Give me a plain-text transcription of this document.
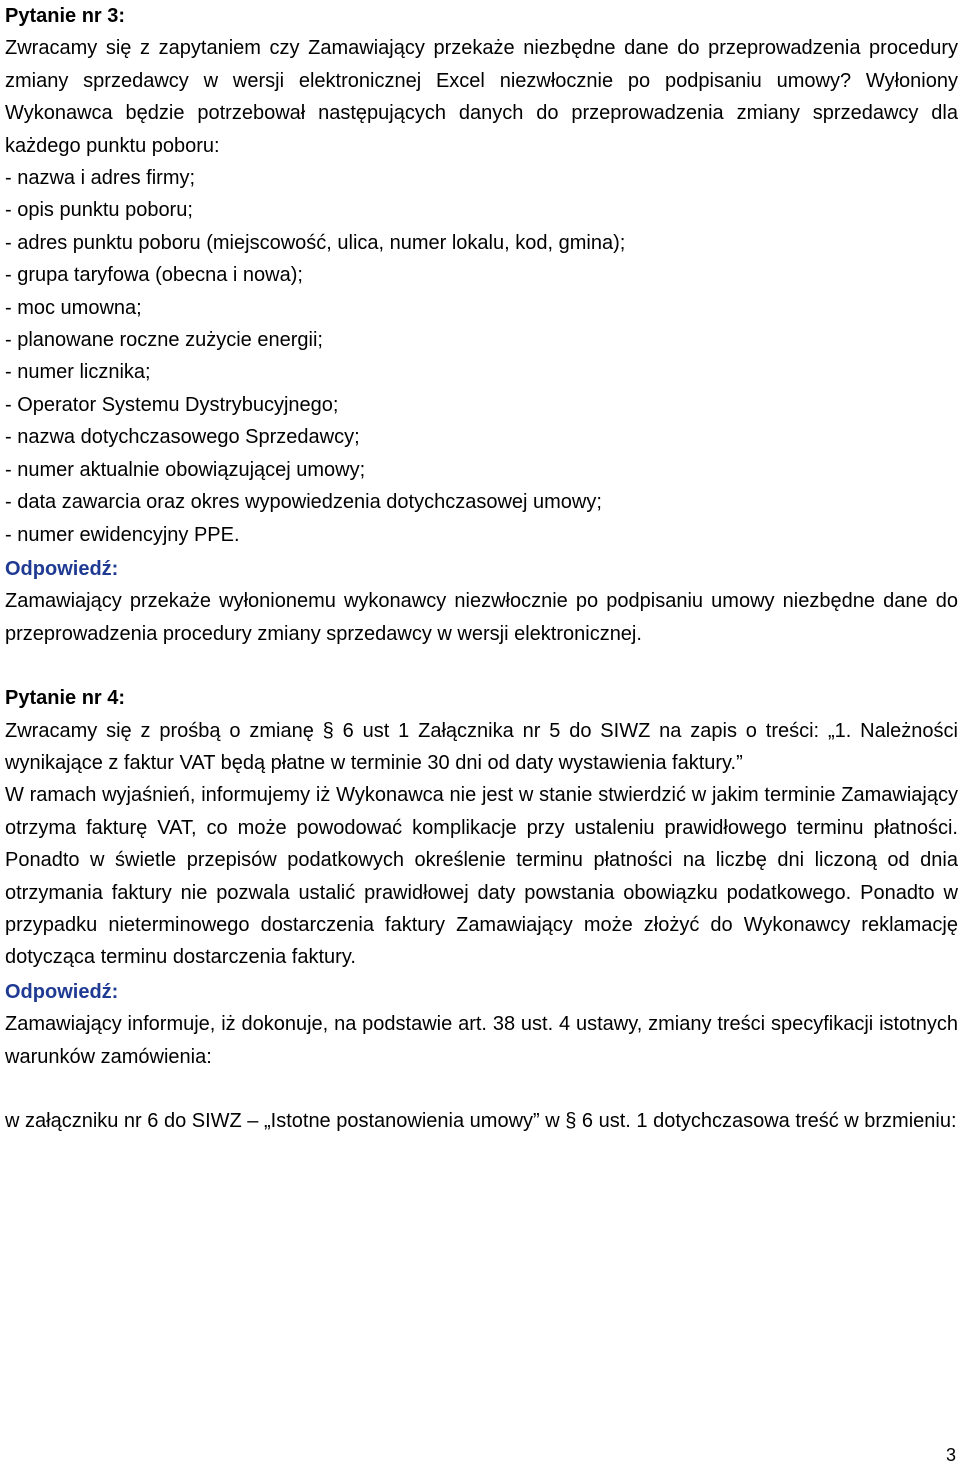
Pytanie nr 3:

Zwracamy się z zapytaniem czy Zamawiający przekaże niezbędne dane do przeprowadzenia procedury zmiany sprzedawcy w wersji elektronicznej Excel niezwłocznie po podpisaniu umowy? Wyłoniony Wykonawca będzie potrzebował następujących danych do przeprowadzenia zmiany sprzedawcy dla każdego punktu poboru:

- nazwa i adres firmy;
- opis punktu poboru;
- adres punktu poboru (miejscowość, ulica, numer lokalu, kod, gmina);
- grupa taryfowa (obecna i nowa);
- moc umowna;
- planowane roczne zużycie energii;
- numer licznika;
- Operator Systemu Dystrybucyjnego;
- nazwa dotychczasowego Sprzedawcy;
- numer aktualnie obowiązującej umowy;
- data zawarcia oraz okres wypowiedzenia dotychczasowej umowy;
- numer ewidencyjny PPE.

Odpowiedź:

Zamawiający przekaże wyłonionemu wykonawcy niezwłocznie po podpisaniu umowy niezbędne dane do przeprowadzenia procedury zmiany sprzedawcy w wersji elektronicznej.

Pytanie nr 4:

Zwracamy się z prośbą o zmianę § 6 ust 1 Załącznika nr 5 do SIWZ na zapis o treści: „1. Należności wynikające z faktur VAT będą płatne w terminie 30 dni od daty wystawienia faktury.”

W ramach wyjaśnień, informujemy iż Wykonawca nie jest w stanie stwierdzić w jakim terminie Zamawiający otrzyma fakturę VAT, co może powodować komplikacje przy ustaleniu prawidłowego terminu płatności. Ponadto w świetle przepisów podatkowych określenie terminu płatności na liczbę dni liczoną od dnia otrzymania faktury nie pozwala ustalić prawidłowej daty powstania obowiązku podatkowego. Ponadto w przypadku nieterminowego dostarczenia faktury Zamawiający może złożyć do Wykonawcy reklamację dotycząca terminu dostarczenia faktury.

Odpowiedź:

Zamawiający informuje, iż dokonuje, na podstawie art. 38 ust. 4 ustawy, zmiany treści specyfikacji istotnych warunków zamówienia:

w załączniku nr 6 do SIWZ – „Istotne postanowienia umowy” w § 6 ust. 1 dotychczasowa treść w brzmieniu:

3
